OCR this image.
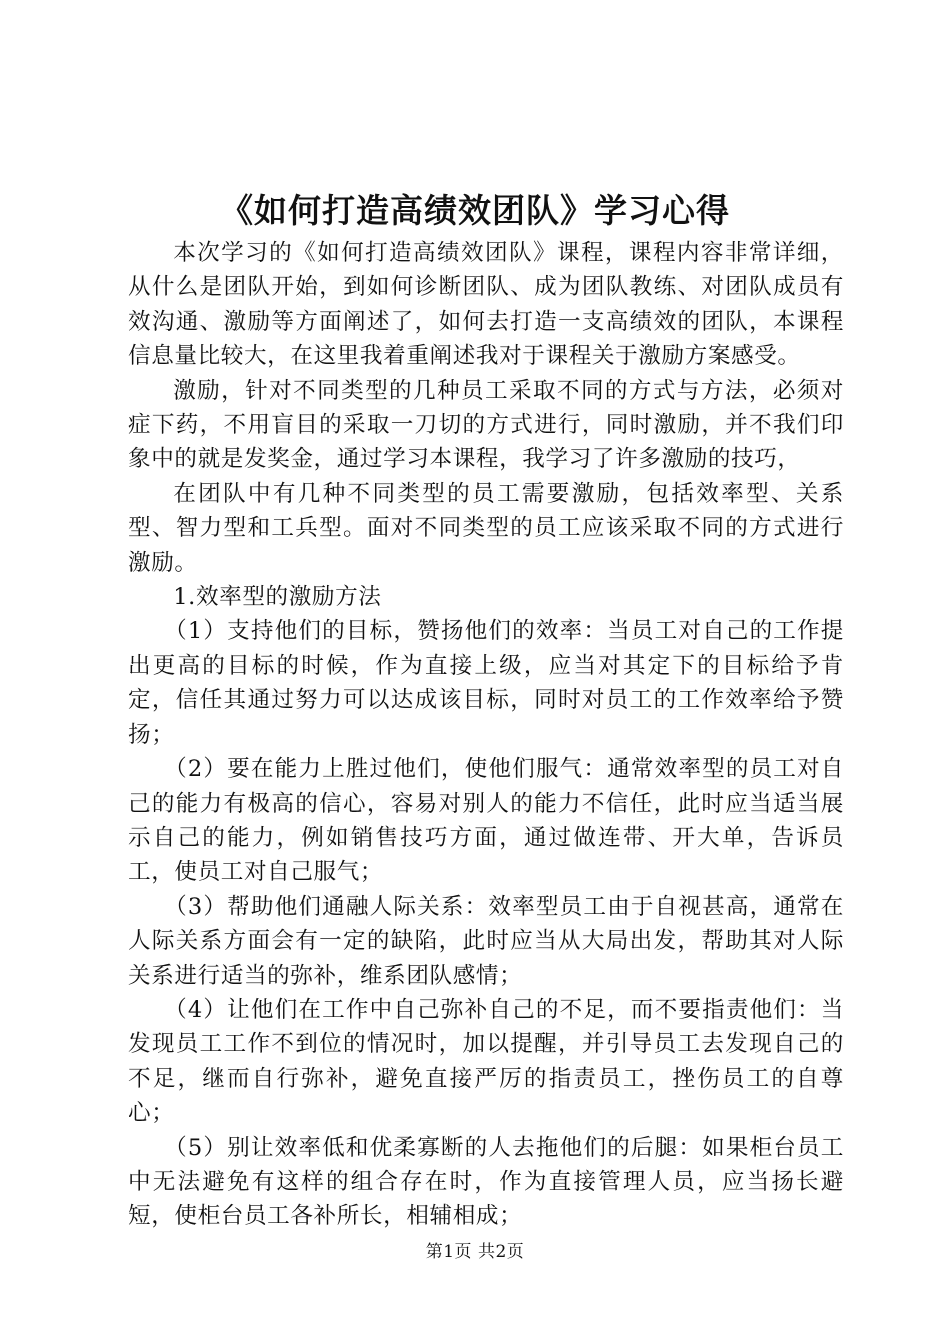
《如何打造高绩效团队》学习心得

本次学习的《如何打造高绩效团队》课程，课程内容非常详细，从什么是团队开始，到如何诊断团队、成为团队教练、对团队成员有效沟通、激励等方面阐述了，如何去打造一支高绩效的团队，本课程信息量比较大，在这里我着重阐述我对于课程关于激励方案感受。

激励，针对不同类型的几种员工采取不同的方式与方法，必须对症下药，不用盲目的采取一刀切的方式进行，同时激励，并不我们印象中的就是发奖金，通过学习本课程，我学习了许多激励的技巧，

在团队中有几种不同类型的员工需要激励，包括效率型、关系型、智力型和工兵型。面对不同类型的员工应该采取不同的方式进行激励。

1.效率型的激励方法

（1）支持他们的目标，赞扬他们的效率：当员工对自己的工作提出更高的目标的时候，作为直接上级，应当对其定下的目标给予肯定，信任其通过努力可以达成该目标，同时对员工的工作效率给予赞扬；

（2）要在能力上胜过他们，使他们服气：通常效率型的员工对自己的能力有极高的信心，容易对别人的能力不信任，此时应当适当展示自己的能力，例如销售技巧方面，通过做连带、开大单，告诉员工，使员工对自己服气；

（3）帮助他们通融人际关系：效率型员工由于自视甚高，通常在人际关系方面会有一定的缺陷，此时应当从大局出发，帮助其对人际关系进行适当的弥补，维系团队感情；

（4）让他们在工作中自己弥补自己的不足，而不要指责他们：当发现员工工作不到位的情况时，加以提醒，并引导员工去发现自己的不足，继而自行弥补，避免直接严厉的指责员工，挫伤员工的自尊心；

（5）别让效率低和优柔寡断的人去拖他们的后腿：如果柜台员工中无法避免有这样的组合存在时，作为直接管理人员，应当扬长避短，使柜台员工各补所长，相辅相成；

第1页 共2页
